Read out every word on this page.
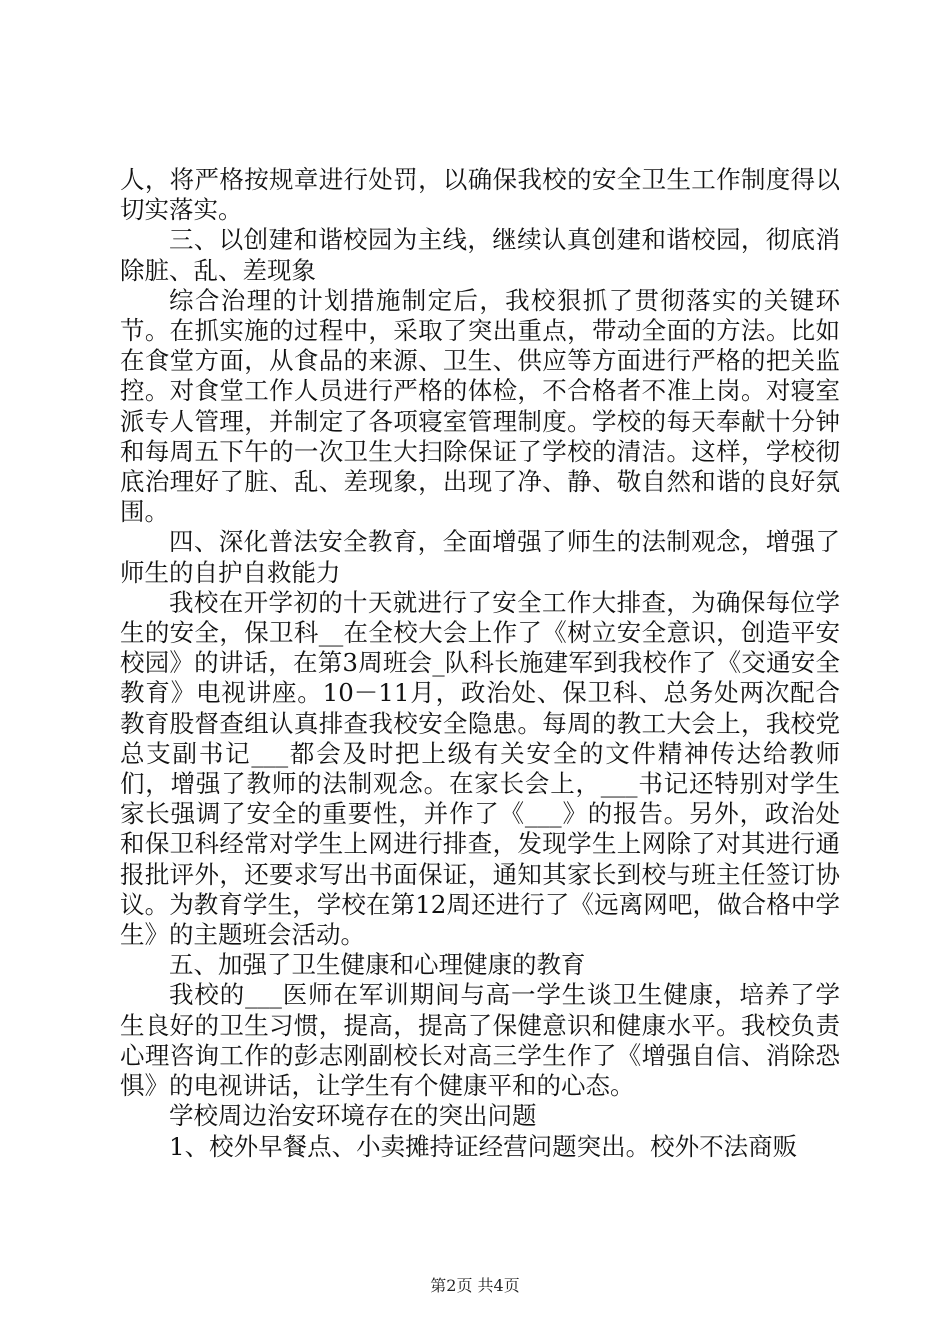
人，将严格按规章进行处罚，以确保我校的安全卫生工作制度得以切实落实。

三、以创建和谐校园为主线，继续认真创建和谐校园，彻底消除脏、乱、差现象

综合治理的计划措施制定后，我校狠抓了贯彻落实的关键环节。在抓实施的过程中，采取了突出重点，带动全面的方法。比如在食堂方面，从食品的来源、卫生、供应等方面进行严格的把关监控。对食堂工作人员进行严格的体检，不合格者不准上岗。对寝室派专人管理，并制定了各项寝室管理制度。学校的每天奉献十分钟和每周五下午的一次卫生大扫除保证了学校的清洁。这样，学校彻底治理好了脏、乱、差现象，出现了净、静、敬自然和谐的良好氛围。

四、深化普法安全教育，全面增强了师生的法制观念，增强了师生的自护自救能力

我校在开学初的十天就进行了安全工作大排查，为确保每位学生的安全，保卫科__在全校大会上作了《树立安全意识，创造平安校园》的讲话，在第3周班会_队科长施建军到我校作了《交通安全教育》电视讲座。10－11月，政治处、保卫科、总务处两次配合教育股督查组认真排查我校安全隐患。每周的教工大会上，我校党总支副书记___都会及时把上级有关安全的文件精神传达给教师们，增强了教师的法制观念。在家长会上，___书记还特别对学生家长强调了安全的重要性，并作了《___》的报告。另外，政治处和保卫科经常对学生上网进行排查，发现学生上网除了对其进行通报批评外，还要求写出书面保证，通知其家长到校与班主任签订协议。为教育学生，学校在第12周还进行了《远离网吧，做合格中学生》的主题班会活动。

五、加强了卫生健康和心理健康的教育

我校的___医师在军训期间与高一学生谈卫生健康，培养了学生良好的卫生习惯，提高，提高了保健意识和健康水平。我校负责心理咨询工作的彭志刚副校长对高三学生作了《增强自信、消除恐惧》的电视讲话，让学生有个健康平和的心态。

学校周边治安环境存在的突出问题

1、校外早餐点、小卖摊持证经营问题突出。校外不法商贩

第2页 共4页
